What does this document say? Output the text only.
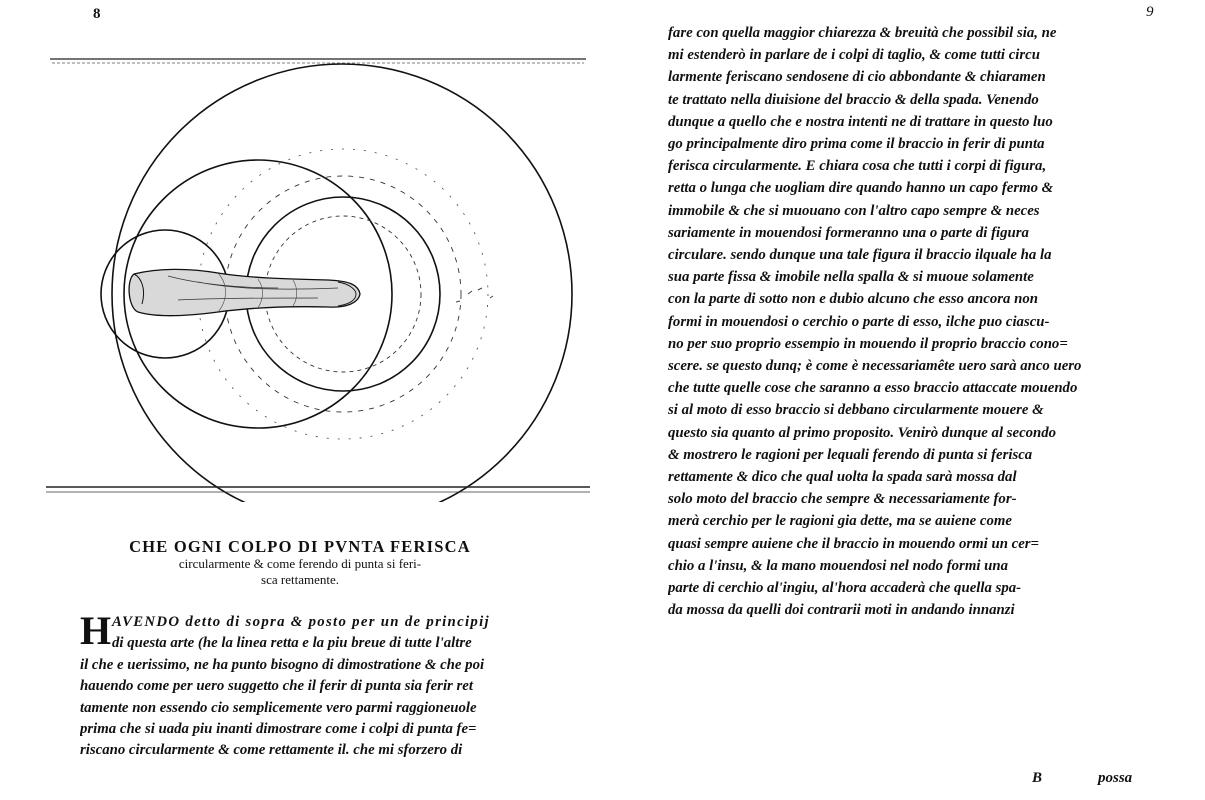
8
CHE OGNI COLPO DI PVNTA FERISCA
circularmente & come ferendo di punta si feri-
sca rettamente.
H AVENDO detto di sopra & posto per un de principij
di questa arte (he la linea retta e la piu breue di tutte l'altre
il che e uerissimo, ne ha punto bisogno di dimostratione & che poi
hauendo come per uero suggetto che il ferir di punta sia ferir ret
tamente non essendo cio semplicemente vero parmi raggioneuole
prima che si uada piu inanti dimostrare come i colpi di punta fe=
riscano circularmente & come rettamente il. che mi sforzero di
9
fare con quella maggior chiarezza & breuità che possibil sia, ne
mi estenderò in parlare de i colpi di taglio, & come tutti circu
larmente feriscano sendosene di cio abbondante & chiaramen
te trattato nella diuisione del braccio & della spada. Venendo
dunque a quello che e nostra intenti ne di trattare in questo luo
go principalmente diro prima come il braccio in ferir di punta
ferisca circularmente. E chiara cosa che tutti i corpi di figura,
retta o lunga che uogliam dire quando hanno un capo fermo &
immobile & che si muouano con l'altro capo sempre & neces
sariamente in mouendosi formeranno una o parte di figura
circulare. sendo dunque una tale figura il braccio ilquale ha la
sua parte fissa & imobile nella spalla & si muoue solamente
con la parte di sotto non e dubio alcuno che esso ancora non
formi in mouendosi o cerchio o parte di esso, ilche puo ciascu-
no per suo proprio essempio in mouendo il proprio braccio cono=
scere. se questo dunq; è come è necessariamête uero sarà anco uero
che tutte quelle cose che saranno a esso braccio attaccate mouendo
si al moto di esso braccio si debbano circularmente mouere &
questo sia quanto al primo proposito. Venirò dunque al secondo
& mostrero le ragioni per lequali ferendo di punta si ferisca
rettamente & dico che qual uolta la spada sarà mossa dal
solo moto del braccio che sempre & necessariamente for-
merà cerchio per le ragioni gia dette, ma se auiene come
quasi sempre auiene che il braccio in mouendo ormi un cer=
chio a l'insu, & la mano mouendosi nel nodo formi una
parte di cerchio al'ingiu, al'hora accaderà che quella spa-
da mossa da quelli doi contrarii moti in andando innanzi
B	possa
